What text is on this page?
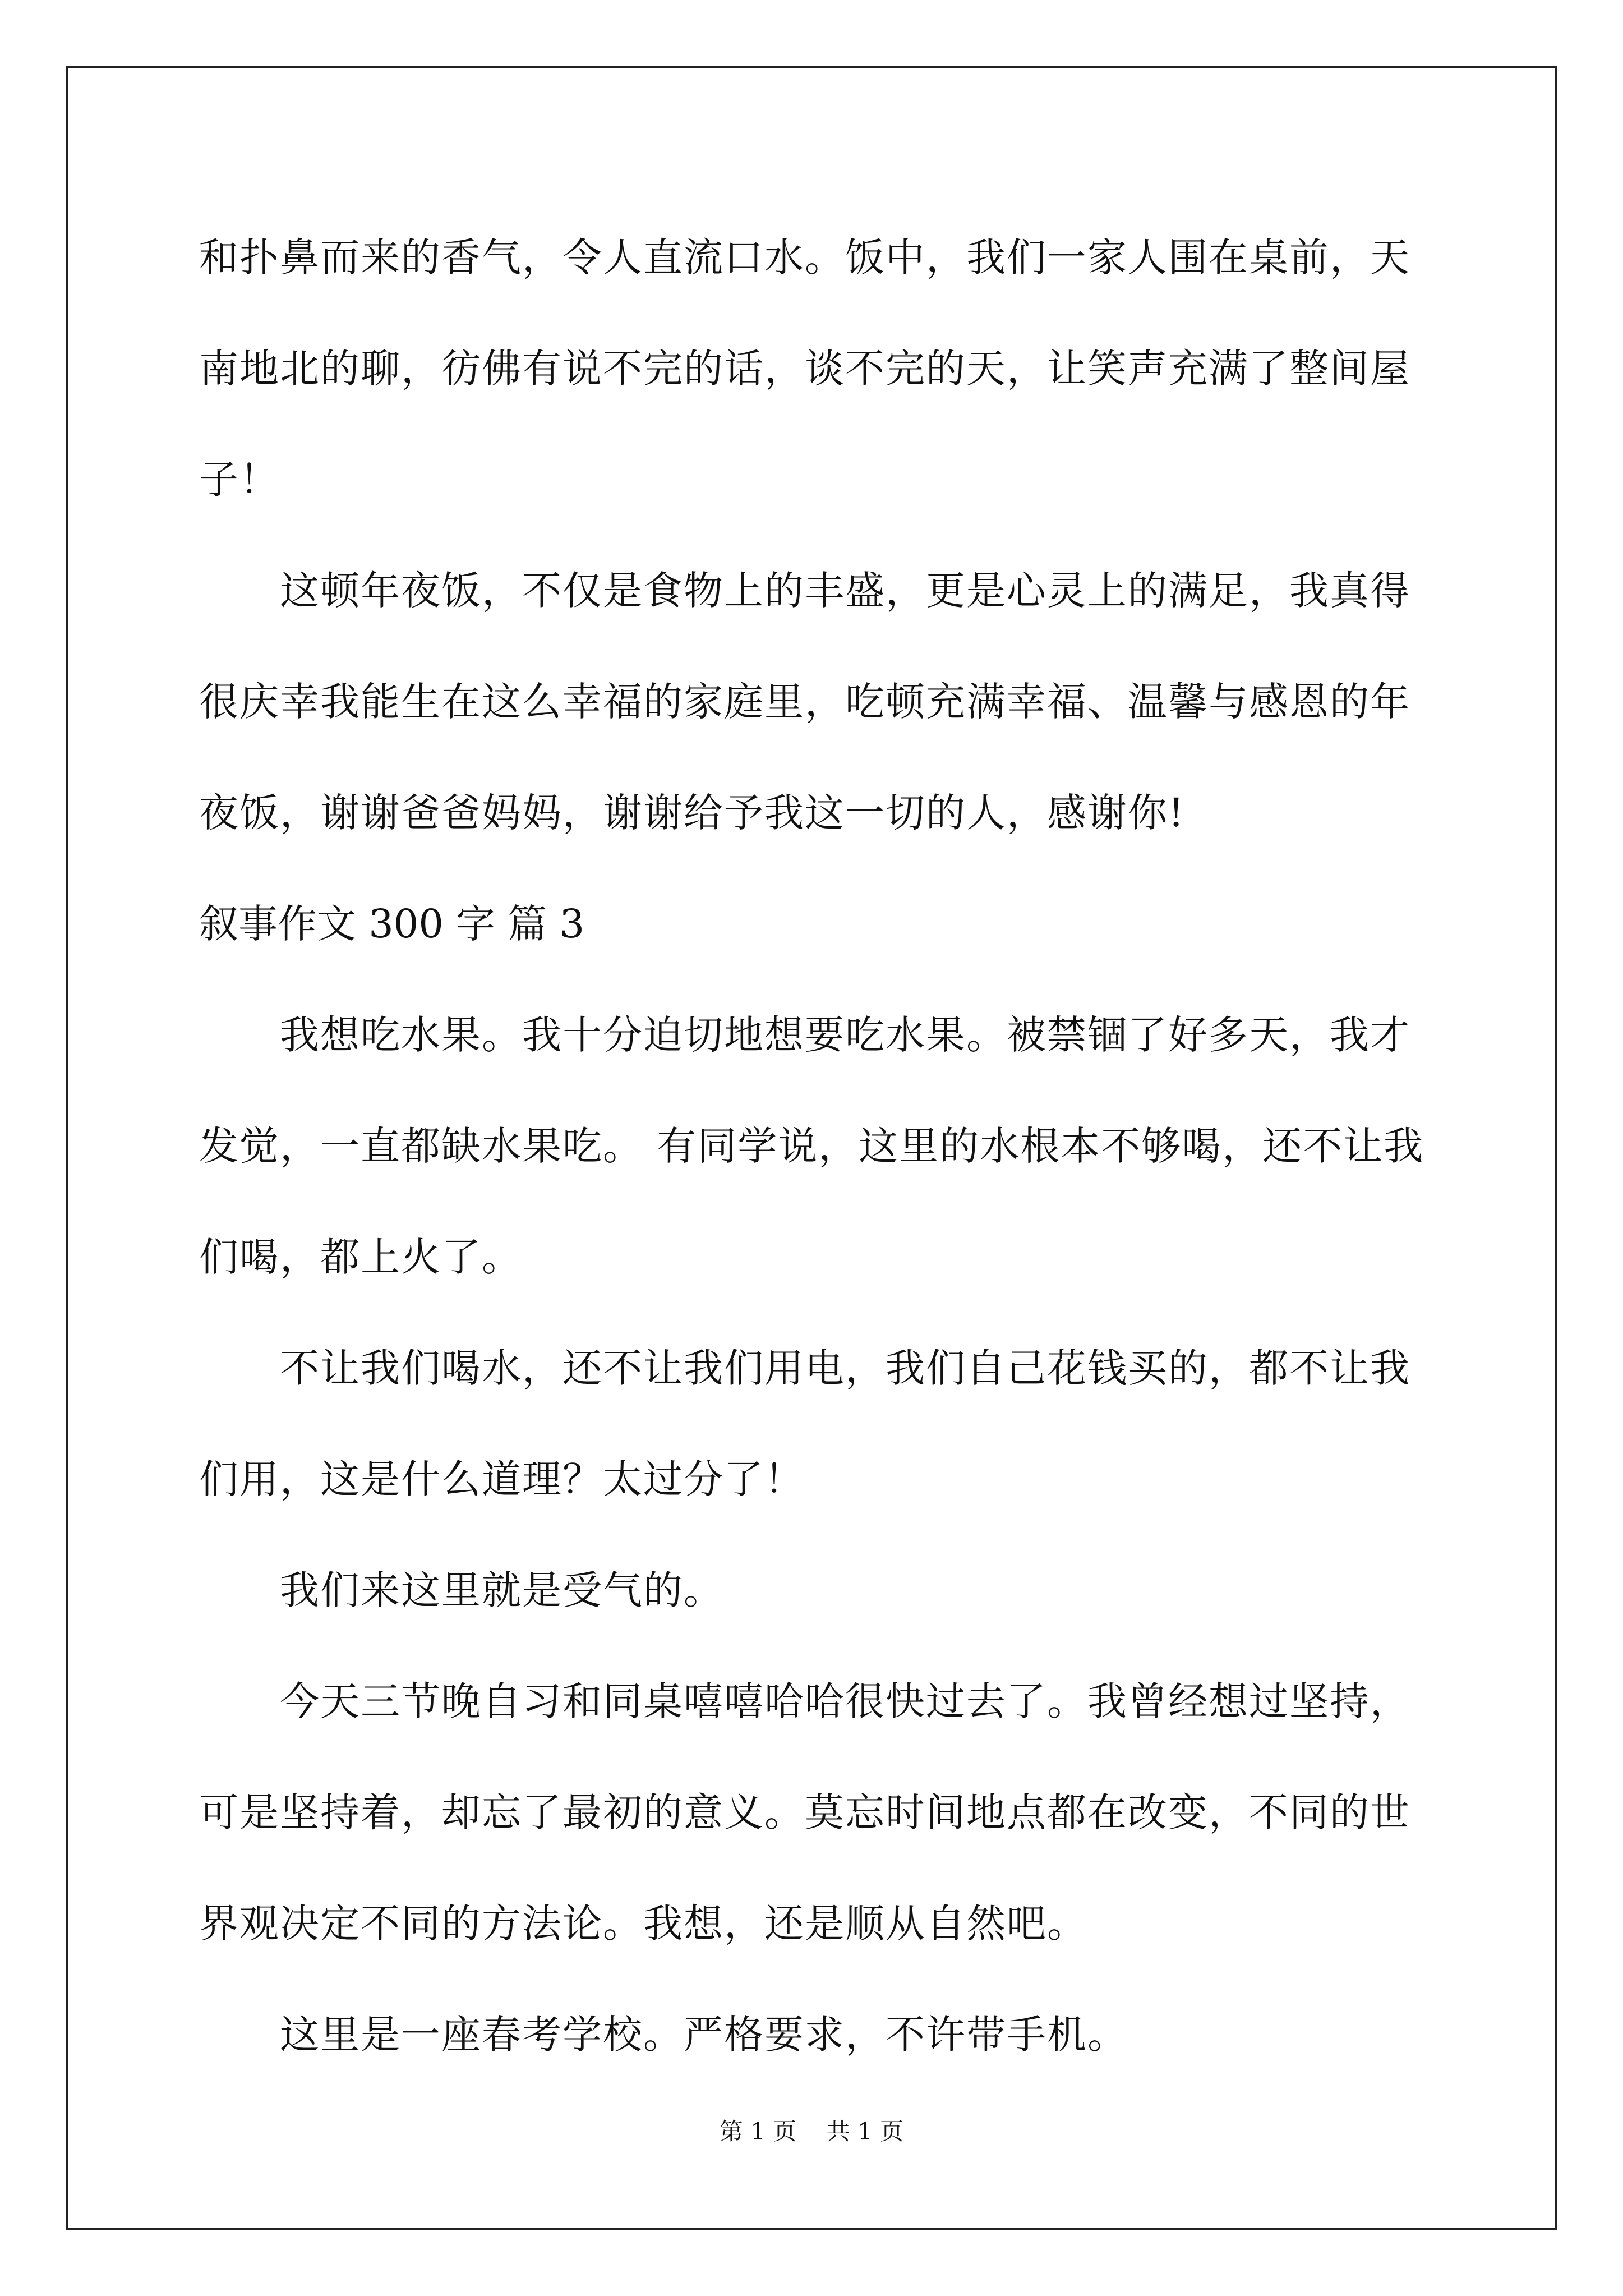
和扑鼻而来的香气，令人直流口水。饭中，我们一家人围在桌前，天
南地北的聊，彷佛有说不完的话，谈不完的天，让笑声充满了整间屋
子！
这顿年夜饭，不仅是食物上的丰盛，更是心灵上的满足，我真得
很庆幸我能生在这么幸福的家庭里，吃顿充满幸福、温馨与感恩的年
夜饭，谢谢爸爸妈妈，谢谢给予我这一切的人，感谢你!
叙事作文 300 字 篇 3
我想吃水果。我十分迫切地想要吃水果。被禁锢了好多天，我才
发觉，一直都缺水果吃。 有同学说，这里的水根本不够喝，还不让我
们喝，都上火了。
不让我们喝水，还不让我们用电，我们自己花钱买的，都不让我
们用，这是什么道理？太过分了！
我们来这里就是受气的。
今天三节晚自习和同桌嘻嘻哈哈很快过去了。我曾经想过坚持，
可是坚持着，却忘了最初的意义。莫忘时间地点都在改变，不同的世
界观决定不同的方法论。我想，还是顺从自然吧。
这里是一座春考学校。严格要求，不许带手机。
第 1 页    共 1 页
